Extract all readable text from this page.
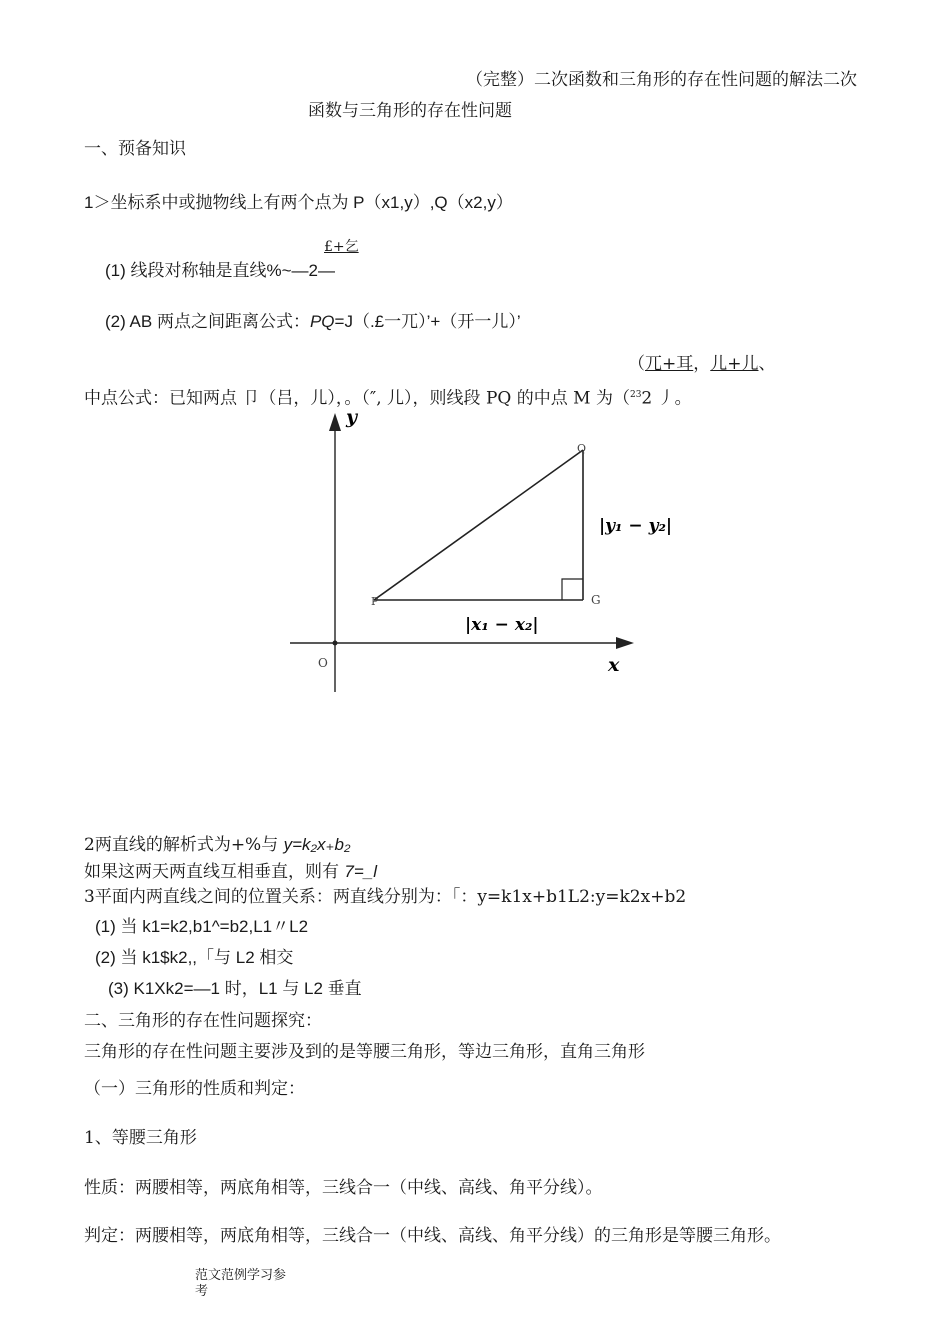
（完整）二次函数和三角形的存在性问题的解法二次
函数与三角形的存在性问题
一、预备知识
1＞坐标系中或抛物线上有两个点为 P（x1,y）,Q（x2,y）
£+乞
(1) 线段对称轴是直线%~—2—
(2) AB 两点之间距离公式：PQ=J（.£一兀）’+（开一儿）’
（兀+耳，儿+儿、
中点公式：已知两点 卩（吕，儿），。（″, 儿），则线段 PQ 的中点 M 为（$^{23}$2 丿。
y
x
O
P
Q
G
|y₁ − y₂|
|x₁ − x₂|
2两直线的解析式为+%与 y=k₂x₊b₂
如果这两天两直线互相垂直，则有 7=_l
3平面内两直线之间的位置关系：两直线分别为：「：y=k1x+b1L2:y=k2x+b2
(1) 当 k1=k2,b1^=b2,L1〃L2
(2) 当 k1$k2,,「与 L2 相交
(3) K1Xk2=—1 时，L1 与 L2 垂直
二、三角形的存在性问题探究：
三角形的存在性问题主要涉及到的是等腰三角形，等边三角形，直角三角形
（一）三角形的性质和判定：
1、等腰三角形
性质：两腰相等，两底角相等，三线合一（中线、高线、角平分线）。
判定：两腰相等，两底角相等，三线合一（中线、高线、角平分线）的三角形是等腰三角形。
范文范例学习参
考
